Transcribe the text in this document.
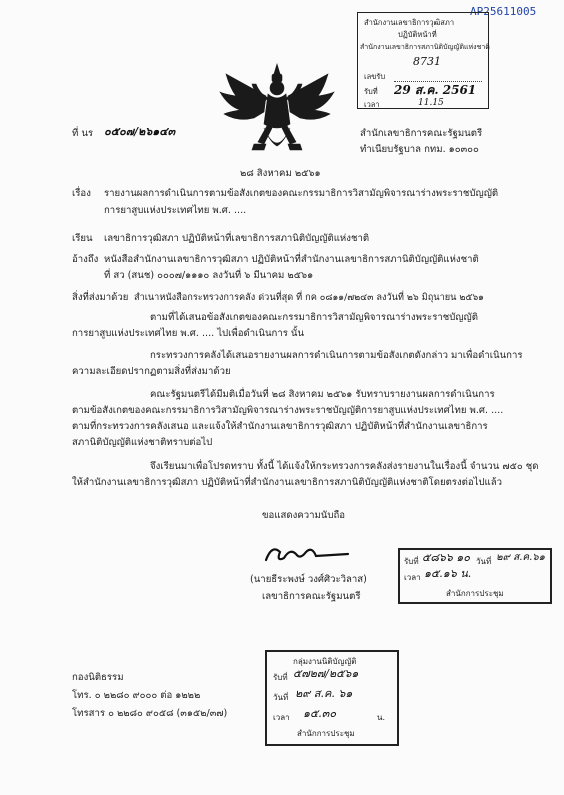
AP25611005
สำนักงานเลขาธิการวุฒิสภา
ปฏิบัติหน้าที่
สำนักงานเลขาธิการสภานิติบัญญัติแห่งชาติ
8731
เลขรับ
รับที่ 29 ส.ค. 2561
เวลา	11.15
ที่ นร ๐๕๐๗/๒๖๑๔๓	สำนักเลขาธิการคณะรัฐมนตรี
ทำเนียบรัฐบาล กทม. ๑๐๓๐๐
๒๘ สิงหาคม ๒๕๖๑
เรื่อง รายงานผลการดำเนินการตามข้อสังเกตของคณะกรรมาธิการวิสามัญพิจารณาร่างพระราชบัญญัติ
การยาสูบแห่งประเทศไทย พ.ศ. ....
เรียน เลขาธิการวุฒิสภา ปฏิบัติหน้าที่เลขาธิการสภานิติบัญญัติแห่งชาติ
อ้างถึง หนังสือสำนักงานเลขาธิการวุฒิสภา ปฏิบัติหน้าที่สำนักงานเลขาธิการสภานิติบัญญัติแห่งชาติ
ที่ สว (สนช) ๐๐๐๗/๑๑๑๐ ลงวันที่ ๖ มีนาคม ๒๕๖๑
สิ่งที่ส่งมาด้วย สำเนาหนังสือกระทรวงการคลัง ด่วนที่สุด ที่ กค ๐๘๑๑/๗๒๔๓ ลงวันที่ ๒๖ มิถุนายน ๒๕๖๑
ตามที่ได้เสนอข้อสังเกตของคณะกรรมาธิการวิสามัญพิจารณาร่างพระราชบัญญัติ
การยาสูบแห่งประเทศไทย พ.ศ. .... ไปเพื่อดำเนินการ นั้น
กระทรวงการคลังได้เสนอรายงานผลการดำเนินการตามข้อสังเกตดังกล่าว มาเพื่อดำเนินการ
ความละเอียดปรากฏตามสิ่งที่ส่งมาด้วย
คณะรัฐมนตรีได้มีมติเมื่อวันที่ ๒๘ สิงหาคม ๒๕๖๑ รับทราบรายงานผลการดำเนินการ
ตามข้อสังเกตของคณะกรรมาธิการวิสามัญพิจารณาร่างพระราชบัญญัติการยาสูบแห่งประเทศไทย พ.ศ. ....
ตามที่กระทรวงการคลังเสนอ และแจ้งให้สำนักงานเลขาธิการวุฒิสภา ปฏิบัติหน้าที่สำนักงานเลขาธิการ
สภานิติบัญญัติแห่งชาติทราบต่อไป
จึงเรียนมาเพื่อโปรดทราบ ทั้งนี้ ได้แจ้งให้กระทรวงการคลังส่งรายงานในเรื่องนี้ จำนวน ๗๕๐ ชุด
ให้สำนักงานเลขาธิการวุฒิสภา ปฏิบัติหน้าที่สำนักงานเลขาธิการสภานิติบัญญัติแห่งชาติโดยตรงต่อไปแล้ว
ขอแสดงความนับถือ
(นายธีระพงษ์ วงศ์ศิวะวิลาส)
เลขาธิการคณะรัฐมนตรี
รับที่ ๕๘๖๖ ๑๐ วันที่ ๒๙ ส.ค.๖๑
เวลา ๑๕.๑๖ น.
สำนักการประชุม
กลุ่มงานนิติบัญญัติ
รับที่ ๕๗๒๗/๒๕๖๑
วันที่ ๒๙ ส.ค. ๖๑
เวลา ๑๕.๓๐	น.
สำนักการประชุม
กองนิติธรรม
โทร. ๐ ๒๒๘๐ ๙๐๐๐ ต่อ ๑๒๒๒
โทรสาร ๐ ๒๒๘๐ ๙๐๕๘ (๓๑๕๒/๓๗)
